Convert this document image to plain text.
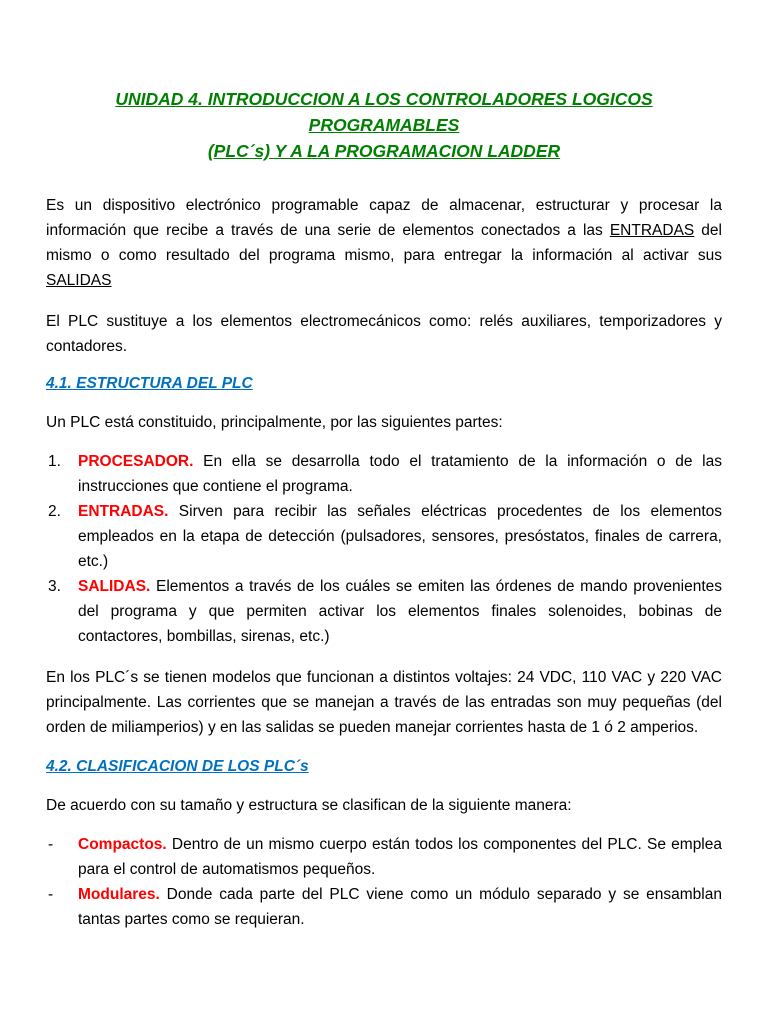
UNIDAD 4. INTRODUCCION A LOS CONTROLADORES LOGICOS PROGRAMABLES
(PLC´s) Y A LA PROGRAMACION LADDER
Es un dispositivo electrónico programable capaz de almacenar, estructurar y procesar la información que recibe a través de una serie de elementos conectados a las ENTRADAS del mismo o como resultado del programa mismo, para entregar la información al activar sus SALIDAS
El PLC sustituye a los elementos electromecánicos como: relés auxiliares, temporizadores y contadores.
4.1. ESTRUCTURA DEL PLC
Un PLC está constituido, principalmente, por las siguientes partes:
1. PROCESADOR. En ella se desarrolla todo el tratamiento de la información o de las instrucciones que contiene el programa.
2. ENTRADAS. Sirven para recibir las señales eléctricas procedentes de los elementos empleados en la etapa de detección (pulsadores, sensores, presóstatos, finales de carrera, etc.)
3. SALIDAS. Elementos a través de los cuáles se emiten las órdenes de mando provenientes del programa y que permiten activar los elementos finales solenoides, bobinas de contactores, bombillas, sirenas, etc.)
En los PLC´s se tienen modelos que funcionan a distintos voltajes: 24 VDC, 110 VAC y 220 VAC principalmente. Las corrientes que se manejan a través de las entradas son muy pequeñas (del orden de miliamperios) y en las salidas se pueden manejar corrientes hasta de 1 ó 2 amperios.
4.2. CLASIFICACION DE LOS PLC´s
De acuerdo con su tamaño y estructura se clasifican de la siguiente manera:
- Compactos. Dentro de un mismo cuerpo están todos los componentes del PLC. Se emplea para el control de automatismos pequeños.
- Modulares. Donde cada parte del PLC viene como un módulo separado y se ensamblan tantas partes como se requieran.
